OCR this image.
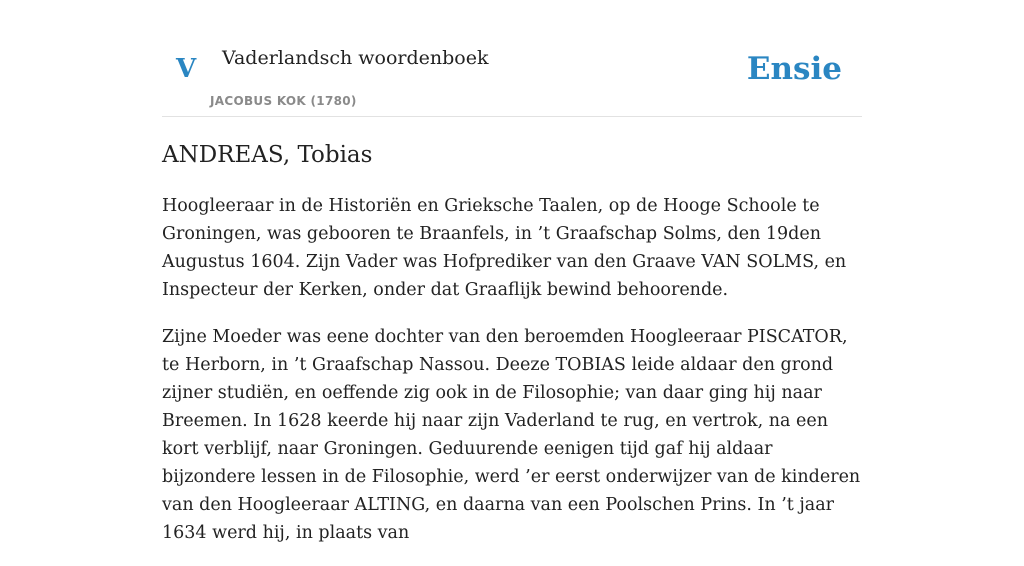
V Vaderlandsch woordenboek
JACOBUS KOK (1780)
Ensie
ANDREAS, Tobias

Hoogleeraar in de Historiën en Grieksche Taalen, op de Hooge Schoole te Groningen, was gebooren te Braanfels, in ’t Graafschap Solms, den 19den Augustus 1604. Zijn Vader was Hofprediker van den Graave VAN SOLMS, en Inspecteur der Kerken, onder dat Graaflijk bewind behoorende.

Zijne Moeder was eene dochter van den beroemden Hoogleeraar PISCATOR, te Herborn, in ’t Graafschap Nassou. Deeze TOBIAS leide aldaar den grond zijner studiën, en oeffende zig ook in de Filosophie; van daar ging hij naar Breemen. In 1628 keerde hij naar zijn Vaderland te rug, en vertrok, na een kort verblijf, naar Groningen. Geduurende eenigen tijd gaf hij aldaar bijzondere lessen in de Filosophie, werd ’er eerst onderwijzer van de kinderen van den Hoogleeraar ALTING, en daarna van een Poolschen Prins. In ’t jaar 1634 werd hij, in plaats van
